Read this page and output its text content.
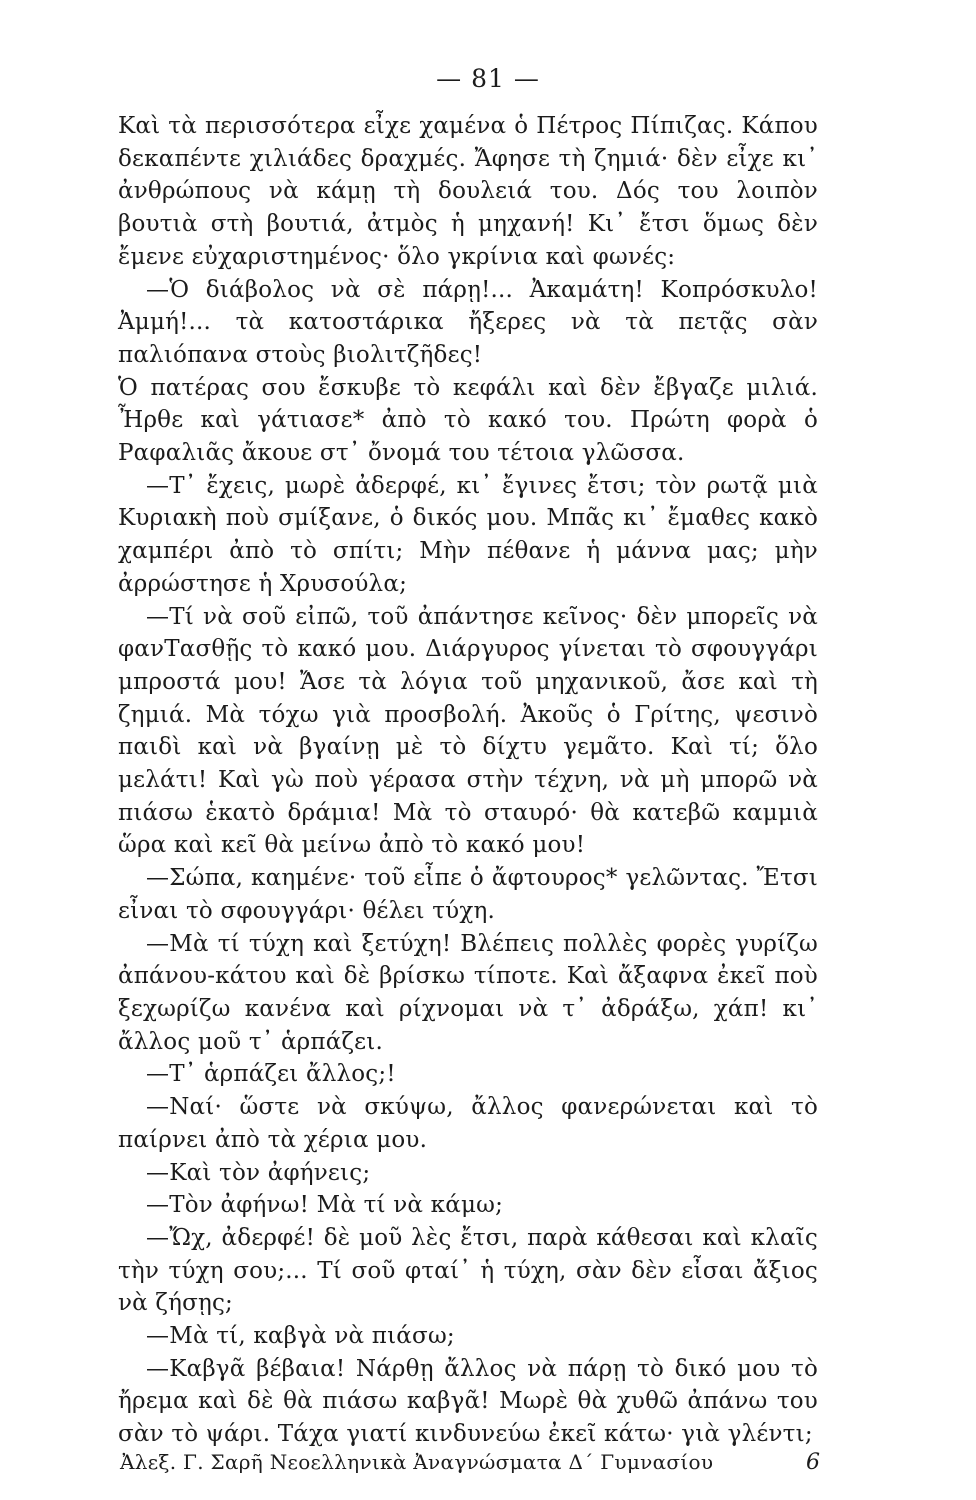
— 81 —

Καὶ τὰ περισσότερα εἶχε χαμένα ὁ Πέτρος Πίπιζας. Κάπου δεκαπέντε χιλιάδες δραχμές. Ἄφησε τὴ ζημιά· δὲν εἶχε κι᾽ ἀνθρώπους νὰ κάμῃ τὴ δουλειά του. Δός του λοιπὸν βουτιὰ στὴ βουτιά, ἀτμὸς ἡ μηχανή! Κι᾽ ἔτσι ὅμως δὲν ἔμενε εὐχαριστημένος· ὅλο γκρίνια καὶ φωνές:

—Ὁ διάβολος νὰ σὲ πάρῃ!... Ἀκαμάτη! Κοπρόσκυλο! Ἀμμή!... τὰ κατοστάρικα ἤξερες νὰ τὰ πετᾷς σὰν παλιόπανα στοὺς βιολιτζῆδες!

Ὁ πατέρας σου ἔσκυβε τὸ κεφάλι καὶ δὲν ἔβγαζε μιλιά. Ἦρθε καὶ γάτιασε* ἀπὸ τὸ κακό του. Πρώτη φορὰ ὁ Ραφαλιᾶς ἄκουε στ᾽ ὄνομά του τέτοια γλῶσσα.

—Τ᾽ ἔχεις, μωρὲ ἀδερφέ, κι᾽ ἔγινες ἔτσι; τὸν ρωτᾷ μιὰ Κυριακὴ ποὺ σμίξανε, ὁ δικός μου. Μπᾶς κι᾽ ἔμαθες κακὸ χαμπέρι ἀπὸ τὸ σπίτι; Μὴν πέθανε ἡ μάννα μας; μὴν ἀρρώστησε ἡ Χρυσούλα;

—Τί νὰ σοῦ εἰπῶ, τοῦ ἀπάντησε κεῖνος· δὲν μπορεῖς νὰ φανTασθῇς τὸ κακό μου. Διάργυρος γίνεται τὸ σφουγγάρι μπροστά μου! Ἄσε τὰ λόγια τοῦ μηχανικοῦ, ἄσε καὶ τὴ ζημιά. Μὰ τόχω γιὰ προσβολή. Ἀκοῦς ὁ Γρίτης, ψεσινὸ παιδὶ καὶ νὰ βγαίνῃ μὲ τὸ δίχτυ γεμᾶτο. Καὶ τί; ὅλο μελάτι! Καὶ γὼ ποὺ γέρασα στὴν τέχνη, νὰ μὴ μπορῶ νὰ πιάσω ἑκατὸ δράμια! Μὰ τὸ σταυρό· θὰ κατεβῶ καμμιὰ ὥρα καὶ κεῖ θὰ μείνω ἀπὸ τὸ κακό μου!

—Σώπα, καημένε· τοῦ εἶπε ὁ ἄφτουρος* γελῶντας. Ἔτσι εἶναι τὸ σφουγγάρι· θέλει τύχη.

—Μὰ τί τύχη καὶ ξετύχη! Βλέπεις πολλὲς φορὲς γυρίζω ἀπάνου-κάτου καὶ δὲ βρίσκω τίποτε. Καὶ ἄξαφνα ἐκεῖ ποὺ ξεχωρίζω κανένα καὶ ρίχνομαι νὰ τ᾽ ἀδράξω, χάπ! κι᾽ ἄλλος μοῦ τ᾽ ἁρπάζει.

—Τ᾽ ἁρπάζει ἄλλος;!

—Ναί· ὥστε νὰ σκύψω, ἄλλος φανερώνεται καὶ τὸ παίρνει ἀπὸ τὰ χέρια μου.

—Καὶ τὸν ἀφήνεις;

—Τὸν ἀφήνω! Μὰ τί νὰ κάμω;

—Ὤχ, ἀδερφέ! δὲ μοῦ λὲς ἔτσι, παρὰ κάθεσαι καὶ κλαῖς τὴν τύχη σου;... Τί σοῦ φταί᾽ ἡ τύχη, σὰν δὲν εἶσαι ἄξιος νὰ ζήσῃς;

—Μὰ τί, καβγὰ νὰ πιάσω;

—Καβγᾶ βέβαια! Νάρθῃ ἄλλος νὰ πάρῃ τὸ δικό μου τὸ ἤρεμα καὶ δὲ θὰ πιάσω καβγᾶ! Μωρὲ θὰ χυθῶ ἀπάνω του σὰν τὸ ψάρι. Τάχα γιατί κινδυνεύω ἐκεῖ κάτω· γιὰ γλέντι;

Ἀλεξ. Γ. Σαρῆ Νεοελληνικὰ Ἀναγνώσματα Δ´ Γυμνασίου	6
